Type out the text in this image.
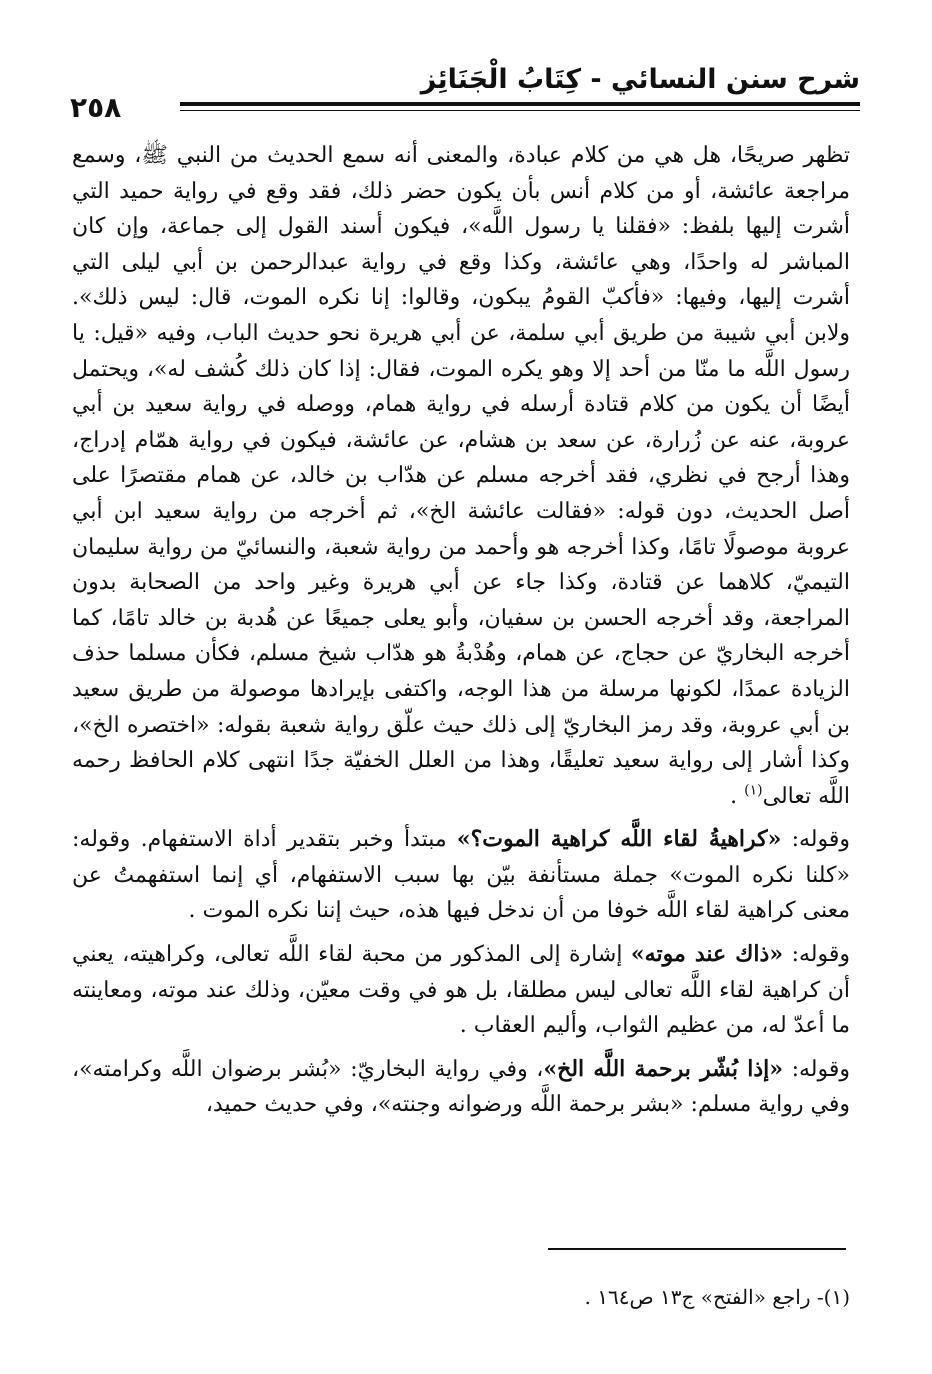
شرح سنن النسائي - كِتَابُ الْجَنَائِز
٢٥٨

تظهر صريحًا، هل هي من كلام عبادة، والمعنى أنه سمع الحديث من النبي ﷺ، وسمع مراجعة عائشة، أو من كلام أنس بأن يكون حضر ذلك، فقد وقع في رواية حميد التي أشرت إليها بلفظ: «فقلنا يا رسول اللَّه»، فيكون أسند القول إلى جماعة، وإن كان المباشر له واحدًا، وهي عائشة، وكذا وقع في رواية عبدالرحمن بن أبي ليلى التي أشرت إليها، وفيها: «فأكبّ القومُ يبكون، وقالوا: إنا نكره الموت، قال: ليس ذلك». ولابن أبي شيبة من طريق أبي سلمة، عن أبي هريرة نحو حديث الباب، وفيه «قيل: يا رسول اللَّه ما منّا من أحد إلا وهو يكره الموت، فقال: إذا كان ذلك كُشف له»، ويحتمل أيضًا أن يكون من كلام قتادة أرسله في رواية همام، ووصله في رواية سعيد بن أبي عروبة، عنه عن زُرارة، عن سعد بن هشام، عن عائشة، فيكون في رواية همّام إدراج، وهذا أرجح في نظري، فقد أخرجه مسلم عن هدّاب بن خالد، عن همام مقتصرًا على أصل الحديث، دون قوله: «فقالت عائشة الخ»، ثم أخرجه من رواية سعيد ابن أبي عروبة موصولًا تامًا، وكذا أخرجه هو وأحمد من رواية شعبة، والنسائيّ من رواية سليمان التيميّ، كلاهما عن قتادة، وكذا جاء عن أبي هريرة وغير واحد من الصحابة بدون المراجعة، وقد أخرجه الحسن بن سفيان، وأبو يعلى جميعًا عن هُدبة بن خالد تامًا، كما أخرجه البخاريّ عن حجاج، عن همام، وهُدْبةُ هو هدّاب شيخ مسلم، فكأن مسلما حذف الزيادة عمدًا، لكونها مرسلة من هذا الوجه، واكتفى بإيرادها موصولة من طريق سعيد بن أبي عروبة، وقد رمز البخاريّ إلى ذلك حيث علّق رواية شعبة بقوله: «اختصره الخ»، وكذا أشار إلى رواية سعيد تعليقًا، وهذا من العلل الخفيّة جدًا انتهى كلام الحافظ رحمه اللَّه تعالى$^{(١)}$ .

وقوله: «كراهيةُ لقاء اللَّه كراهية الموت؟» مبتدأ وخبر بتقدير أداة الاستفهام. وقوله: «كلنا نكره الموت» جملة مستأنفة بيّن بها سبب الاستفهام، أي إنما استفهمتُ عن معنى كراهية لقاء اللَّه خوفا من أن ندخل فيها هذه، حيث إننا نكره الموت .

وقوله: «ذاك عند موته» إشارة إلى المذكور من محبة لقاء اللَّه تعالى، وكراهيته، يعني أن كراهية لقاء اللَّه تعالى ليس مطلقا، بل هو في وقت معيّن، وذلك عند موته، ومعاينته ما أعدّ له، من عظيم الثواب، وأليم العقاب .

وقوله: «إذا بُشّر برحمة اللَّه الخ»، وفي رواية البخاريّ: «بُشر برضوان اللَّه وكرامته»، وفي رواية مسلم: «بشر برحمة اللَّه ورضوانه وجنته»، وفي حديث حميد،

(١)- راجع «الفتح» ج١٣ ص١٦٤ .
